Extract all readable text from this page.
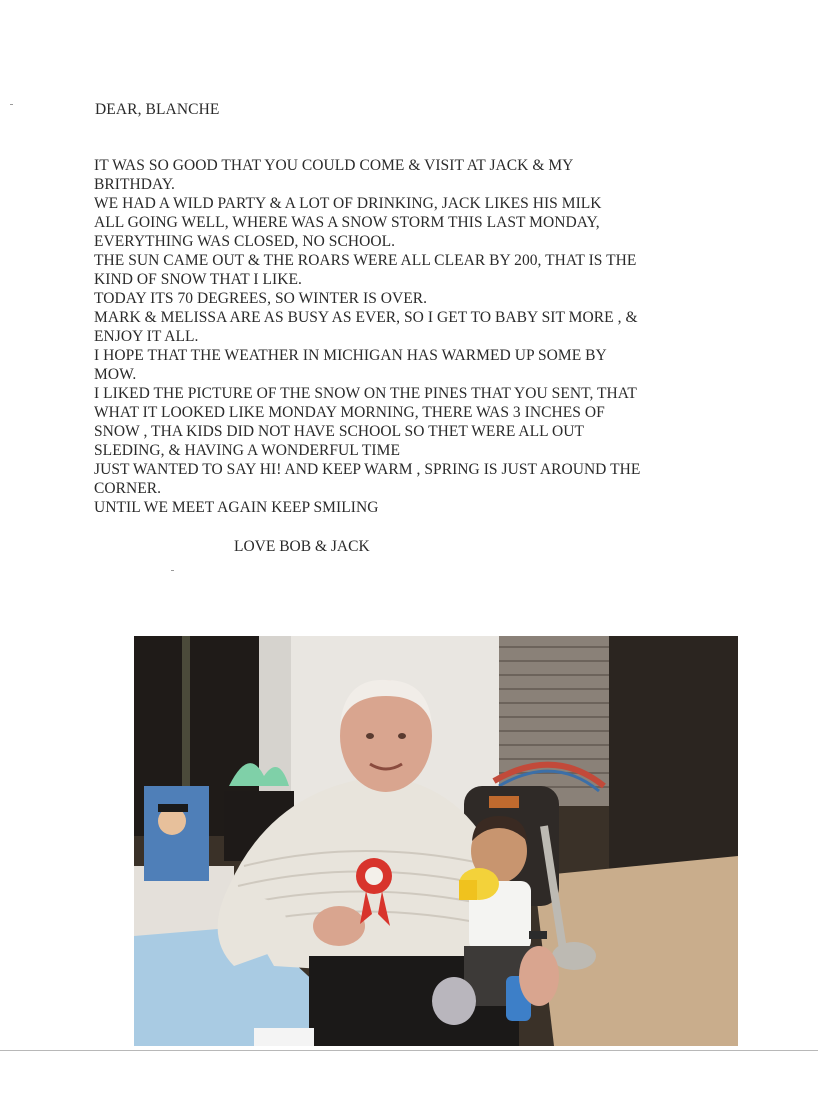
DEAR, BLANCHE
IT WAS SO GOOD THAT YOU COULD COME & VISIT AT JACK & MY
BRITHDAY.
WE HAD A WILD PARTY & A LOT OF DRINKING, JACK LIKES HIS MILK
ALL GOING WELL, WHERE WAS A SNOW STORM THIS LAST MONDAY,
EVERYTHING WAS CLOSED, NO SCHOOL.
THE SUN CAME OUT & THE ROARS WERE ALL CLEAR BY 200, THAT IS THE
KIND OF SNOW THAT I LIKE.
TODAY ITS 70 DEGREES, SO WINTER IS OVER.
MARK & MELISSA ARE AS BUSY AS EVER, SO I GET TO BABY SIT MORE , &
ENJOY IT ALL.
I HOPE THAT THE WEATHER IN MICHIGAN HAS WARMED UP SOME BY
MOW.
I LIKED THE PICTURE OF THE SNOW ON THE PINES THAT YOU SENT, THAT
WHAT IT LOOKED LIKE MONDAY MORNING, THERE WAS 3 INCHES OF
SNOW , THA KIDS DID NOT HAVE SCHOOL SO THET WERE ALL OUT
SLEDING, & HAVING A WONDERFUL TIME
JUST WANTED TO SAY HI! AND KEEP WARM , SPRING IS JUST AROUND THE
CORNER.
UNTIL WE MEET AGAIN KEEP SMILING
LOVE BOB & JACK
